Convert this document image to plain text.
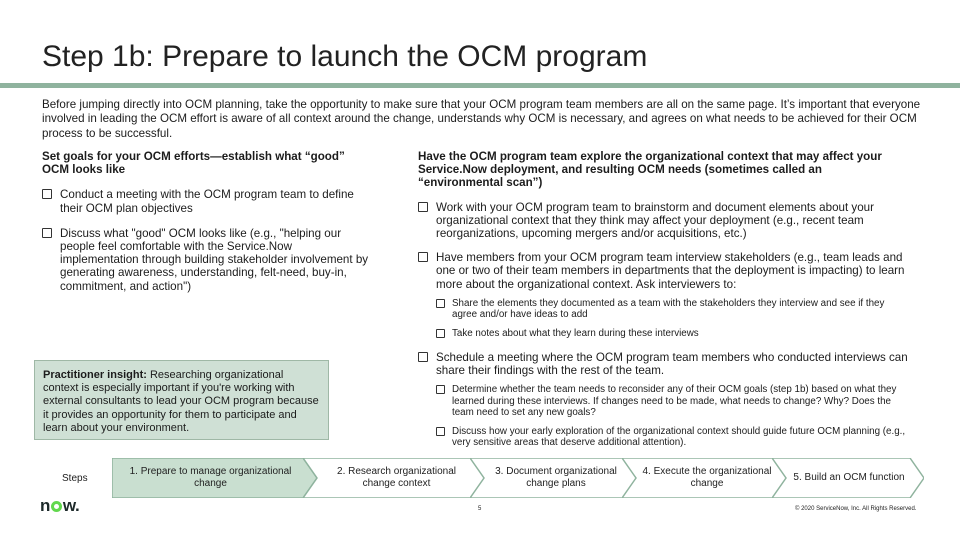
Step 1b: Prepare to launch the OCM program
Before jumping directly into OCM planning, take the opportunity to make sure that your OCM program team members are all on the same page. It’s important that everyone involved in leading the OCM effort is aware of all context around the change, understands why OCM is necessary, and agrees on what needs to be achieved for their OCM process to be successful.
Set goals for your OCM efforts—establish what “good” OCM looks like
Conduct a meeting with the OCM program team to define their OCM plan objectives
Discuss what "good" OCM looks like (e.g., "helping our people feel comfortable with the Service.Now implementation through building stakeholder involvement by generating awareness, understanding, felt-need, buy-in, commitment, and action")
Practitioner insight: Researching organizational context is especially important if you're working with external consultants to lead your OCM program because it provides an opportunity for them to participate and learn about your environment.
Have the OCM program team explore the organizational context that may affect your Service.Now deployment, and resulting OCM needs (sometimes called an “environmental scan”)
Work with your OCM program team to brainstorm and document elements about your organizational context that they think may affect your deployment (e.g., recent team reorganizations, upcoming mergers and/or acquisitions, etc.)
Have members from your OCM program team interview stakeholders (e.g., team leads and one or two of their team members in departments that the deployment is impacting) to learn more about the organizational context. Ask interviewers to:
Share the elements they documented as a team with the stakeholders they interview and see if they agree and/or have ideas to add
Take notes about what they learn during these interviews
Schedule a meeting where the OCM program team members who conducted interviews can share their findings with the rest of the team.
Determine whether the team needs to reconsider any of their OCM goals (step 1b) based on what they learned during these interviews. If changes need to be made, what needs to change? Why? Does the team need to set any new goals?
Discuss how your early exploration of the organizational context should guide future OCM planning (e.g., very sensitive areas that deserve additional attention).
Steps
1. Prepare to manage organizational change
2. Research organizational change context
3. Document organizational change plans
4. Execute the organizational change
5. Build an OCM function
n w.	5	© 2020 ServiceNow, Inc. All Rights Reserved.
